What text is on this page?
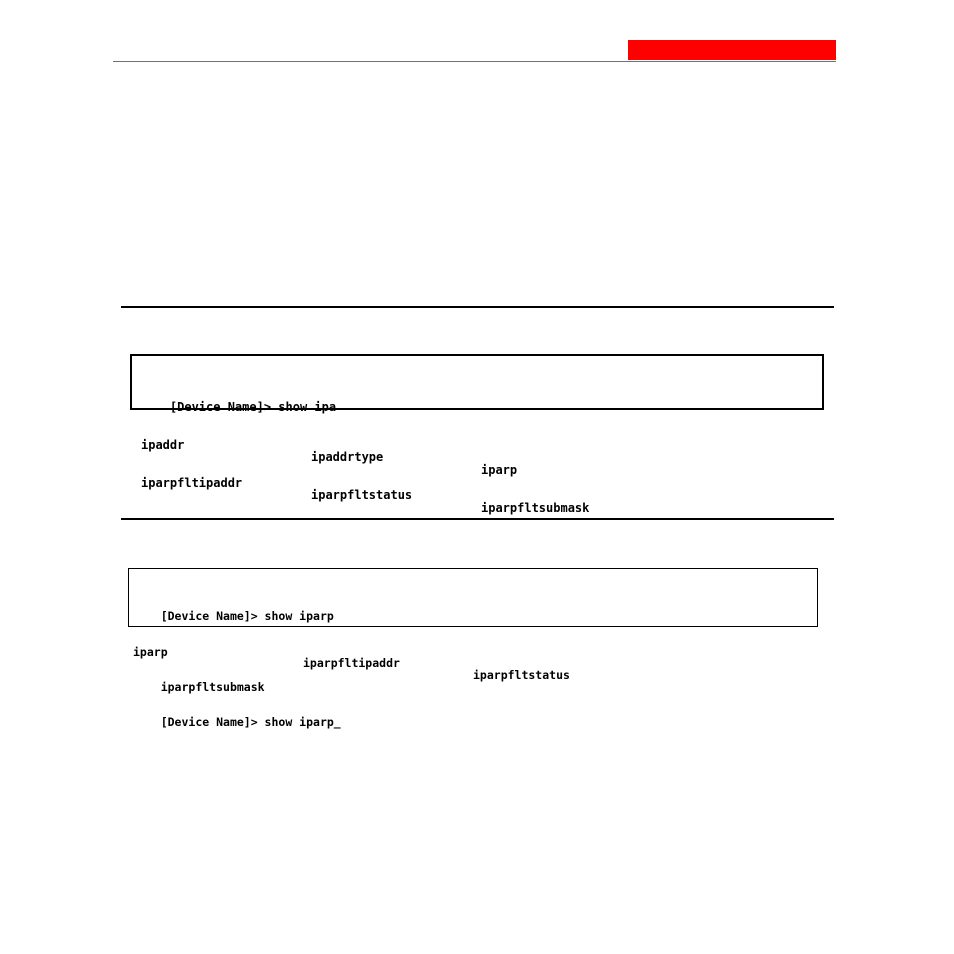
[Device Name]> show ipa

ipaddr

ipaddrtype

iparp

iparpfltipaddr

iparpfltstatus

iparpfltsubmask

[Device Name]> show iparp

iparp

iparpfltipaddr

iparpfltstatus

iparpfltsubmask

[Device Name]> show iparp_
